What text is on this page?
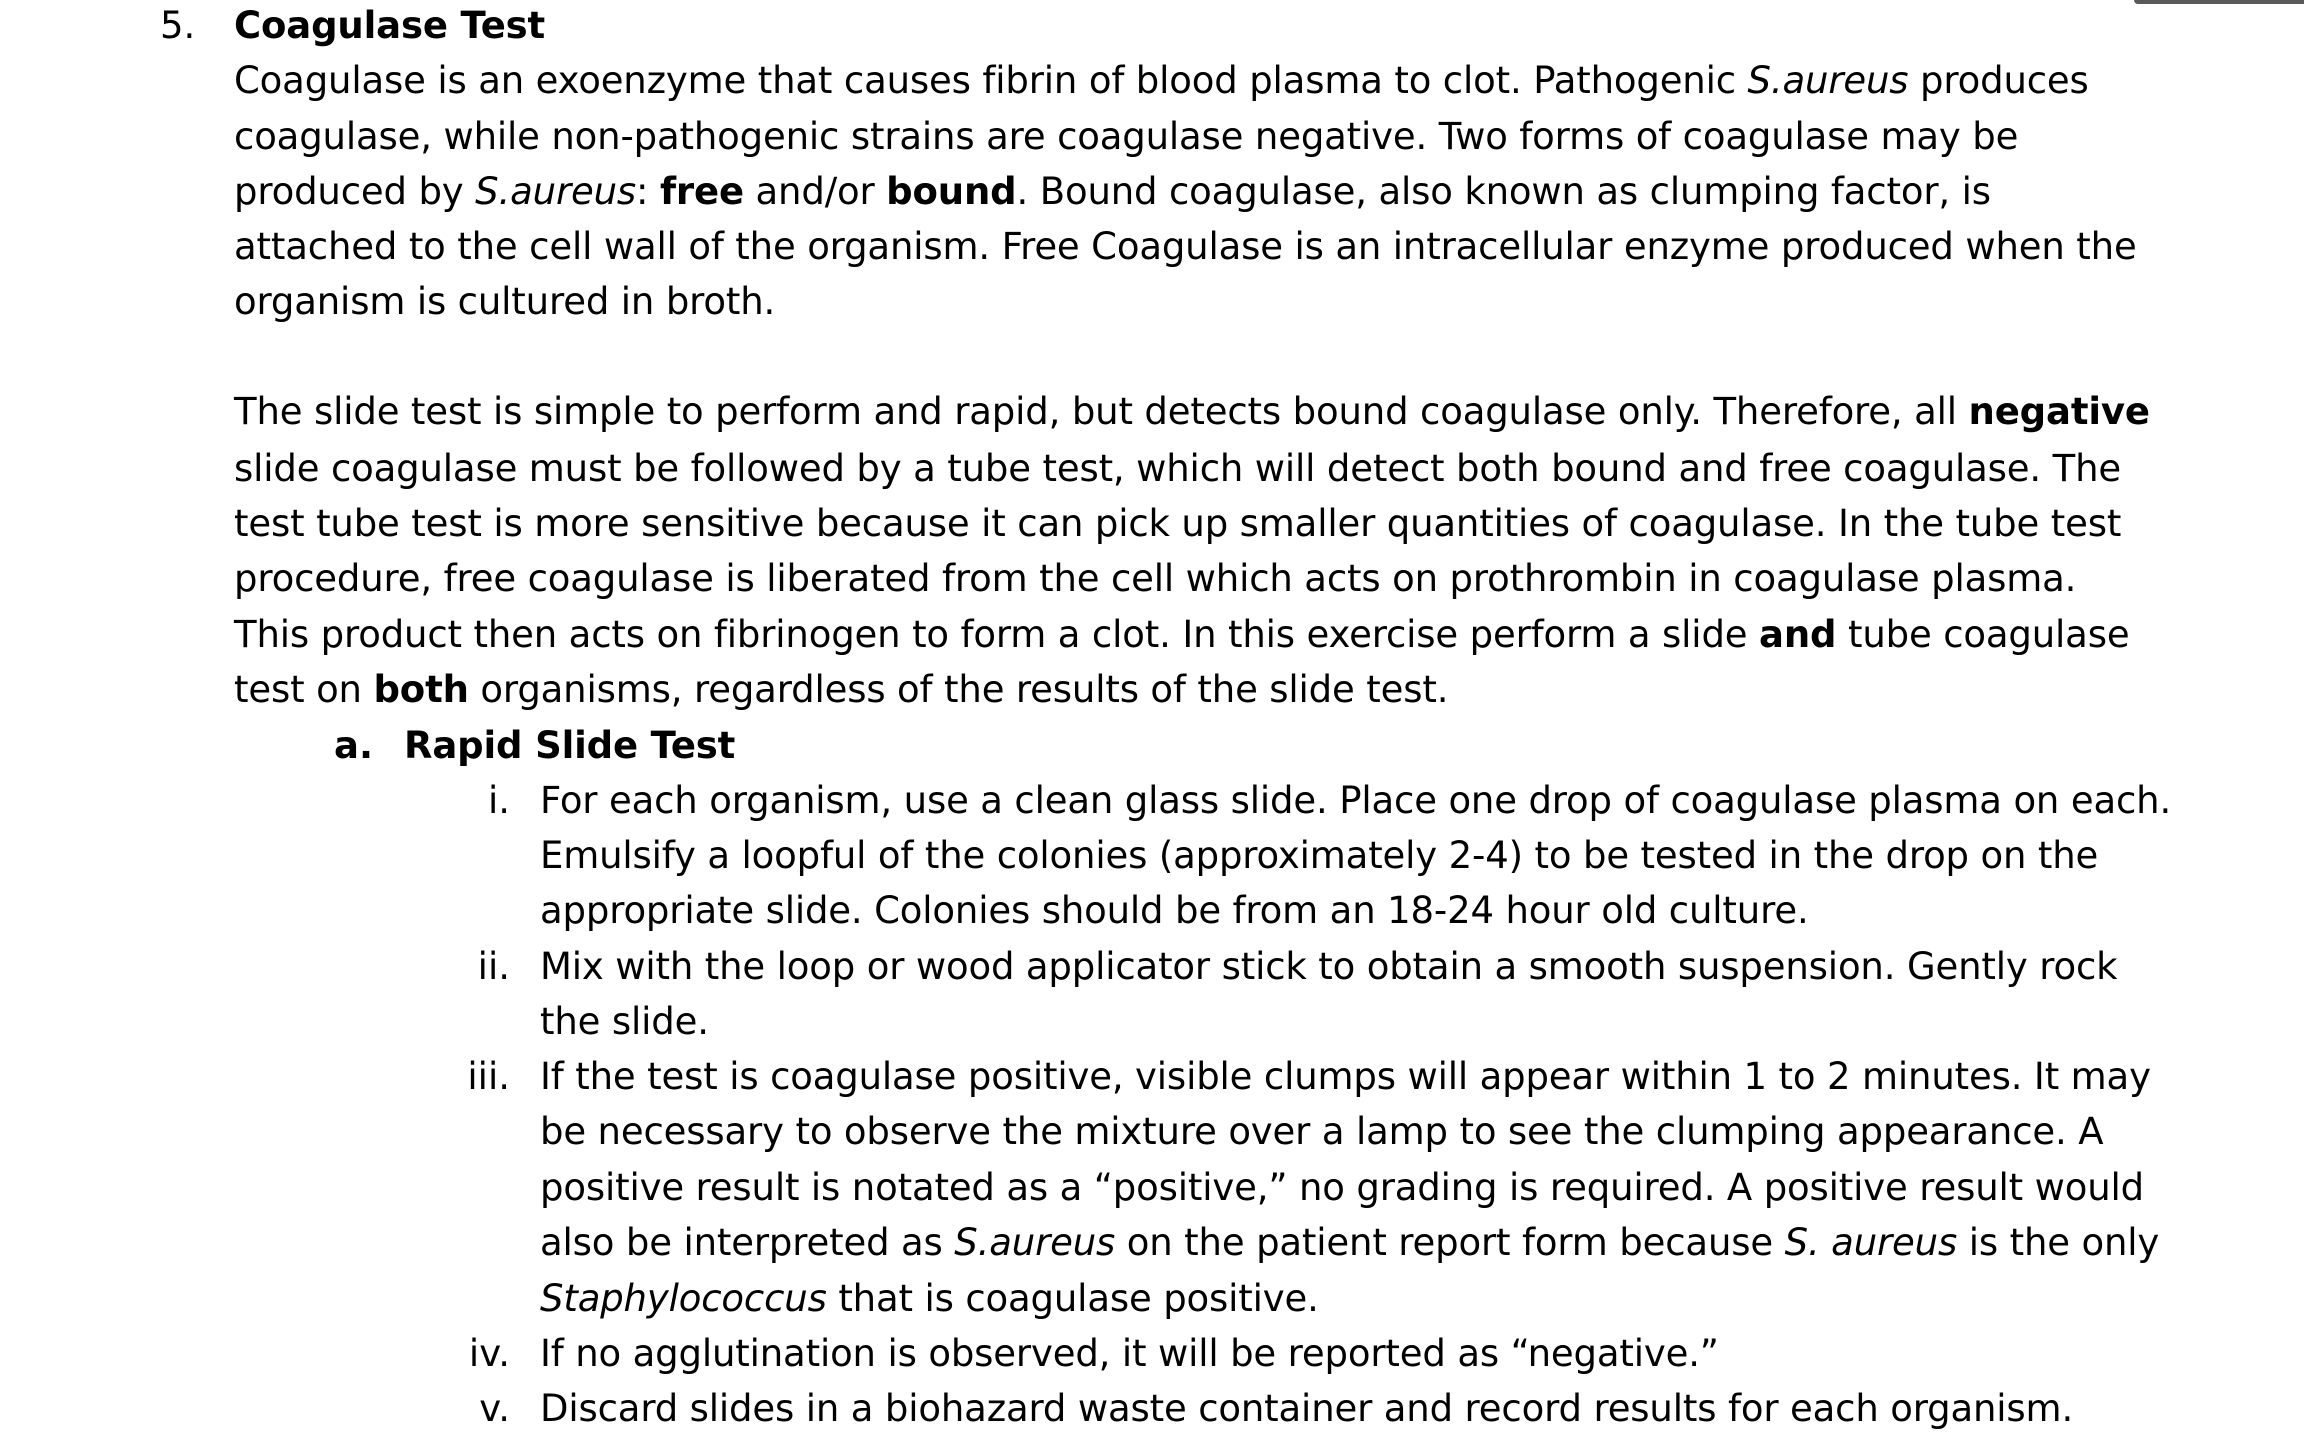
5.	Coagulase Test
Coagulase is an exoenzyme that causes fibrin of blood plasma to clot. Pathogenic S.aureus produces
coagulase, while non-pathogenic strains are coagulase negative. Two forms of coagulase may be
produced by S.aureus: free and/or bound. Bound coagulase, also known as clumping factor, is
attached to the cell wall of the organism. Free Coagulase is an intracellular enzyme produced when the
organism is cultured in broth.
The slide test is simple to perform and rapid, but detects bound coagulase only. Therefore, all negative
slide coagulase must be followed by a tube test, which will detect both bound and free coagulase. The
test tube test is more sensitive because it can pick up smaller quantities of coagulase. In the tube test
procedure, free coagulase is liberated from the cell which acts on prothrombin in coagulase plasma.
This product then acts on fibrinogen to form a clot. In this exercise perform a slide and tube coagulase
test on both organisms, regardless of the results of the slide test.
a. Rapid Slide Test
i. For each organism, use a clean glass slide. Place one drop of coagulase plasma on each.
Emulsify a loopful of the colonies (approximately 2-4) to be tested in the drop on the
appropriate slide. Colonies should be from an 18-24 hour old culture.
ii. Mix with the loop or wood applicator stick to obtain a smooth suspension. Gently rock
the slide.
iii. If the test is coagulase positive, visible clumps will appear within 1 to 2 minutes. It may
be necessary to observe the mixture over a lamp to see the clumping appearance. A
positive result is notated as a “positive,” no grading is required. A positive result would
also be interpreted as S.aureus on the patient report form because S. aureus is the only
Staphylococcus that is coagulase positive.
iv. If no agglutination is observed, it will be reported as “negative.”
v. Discard slides in a biohazard waste container and record results for each organism.
